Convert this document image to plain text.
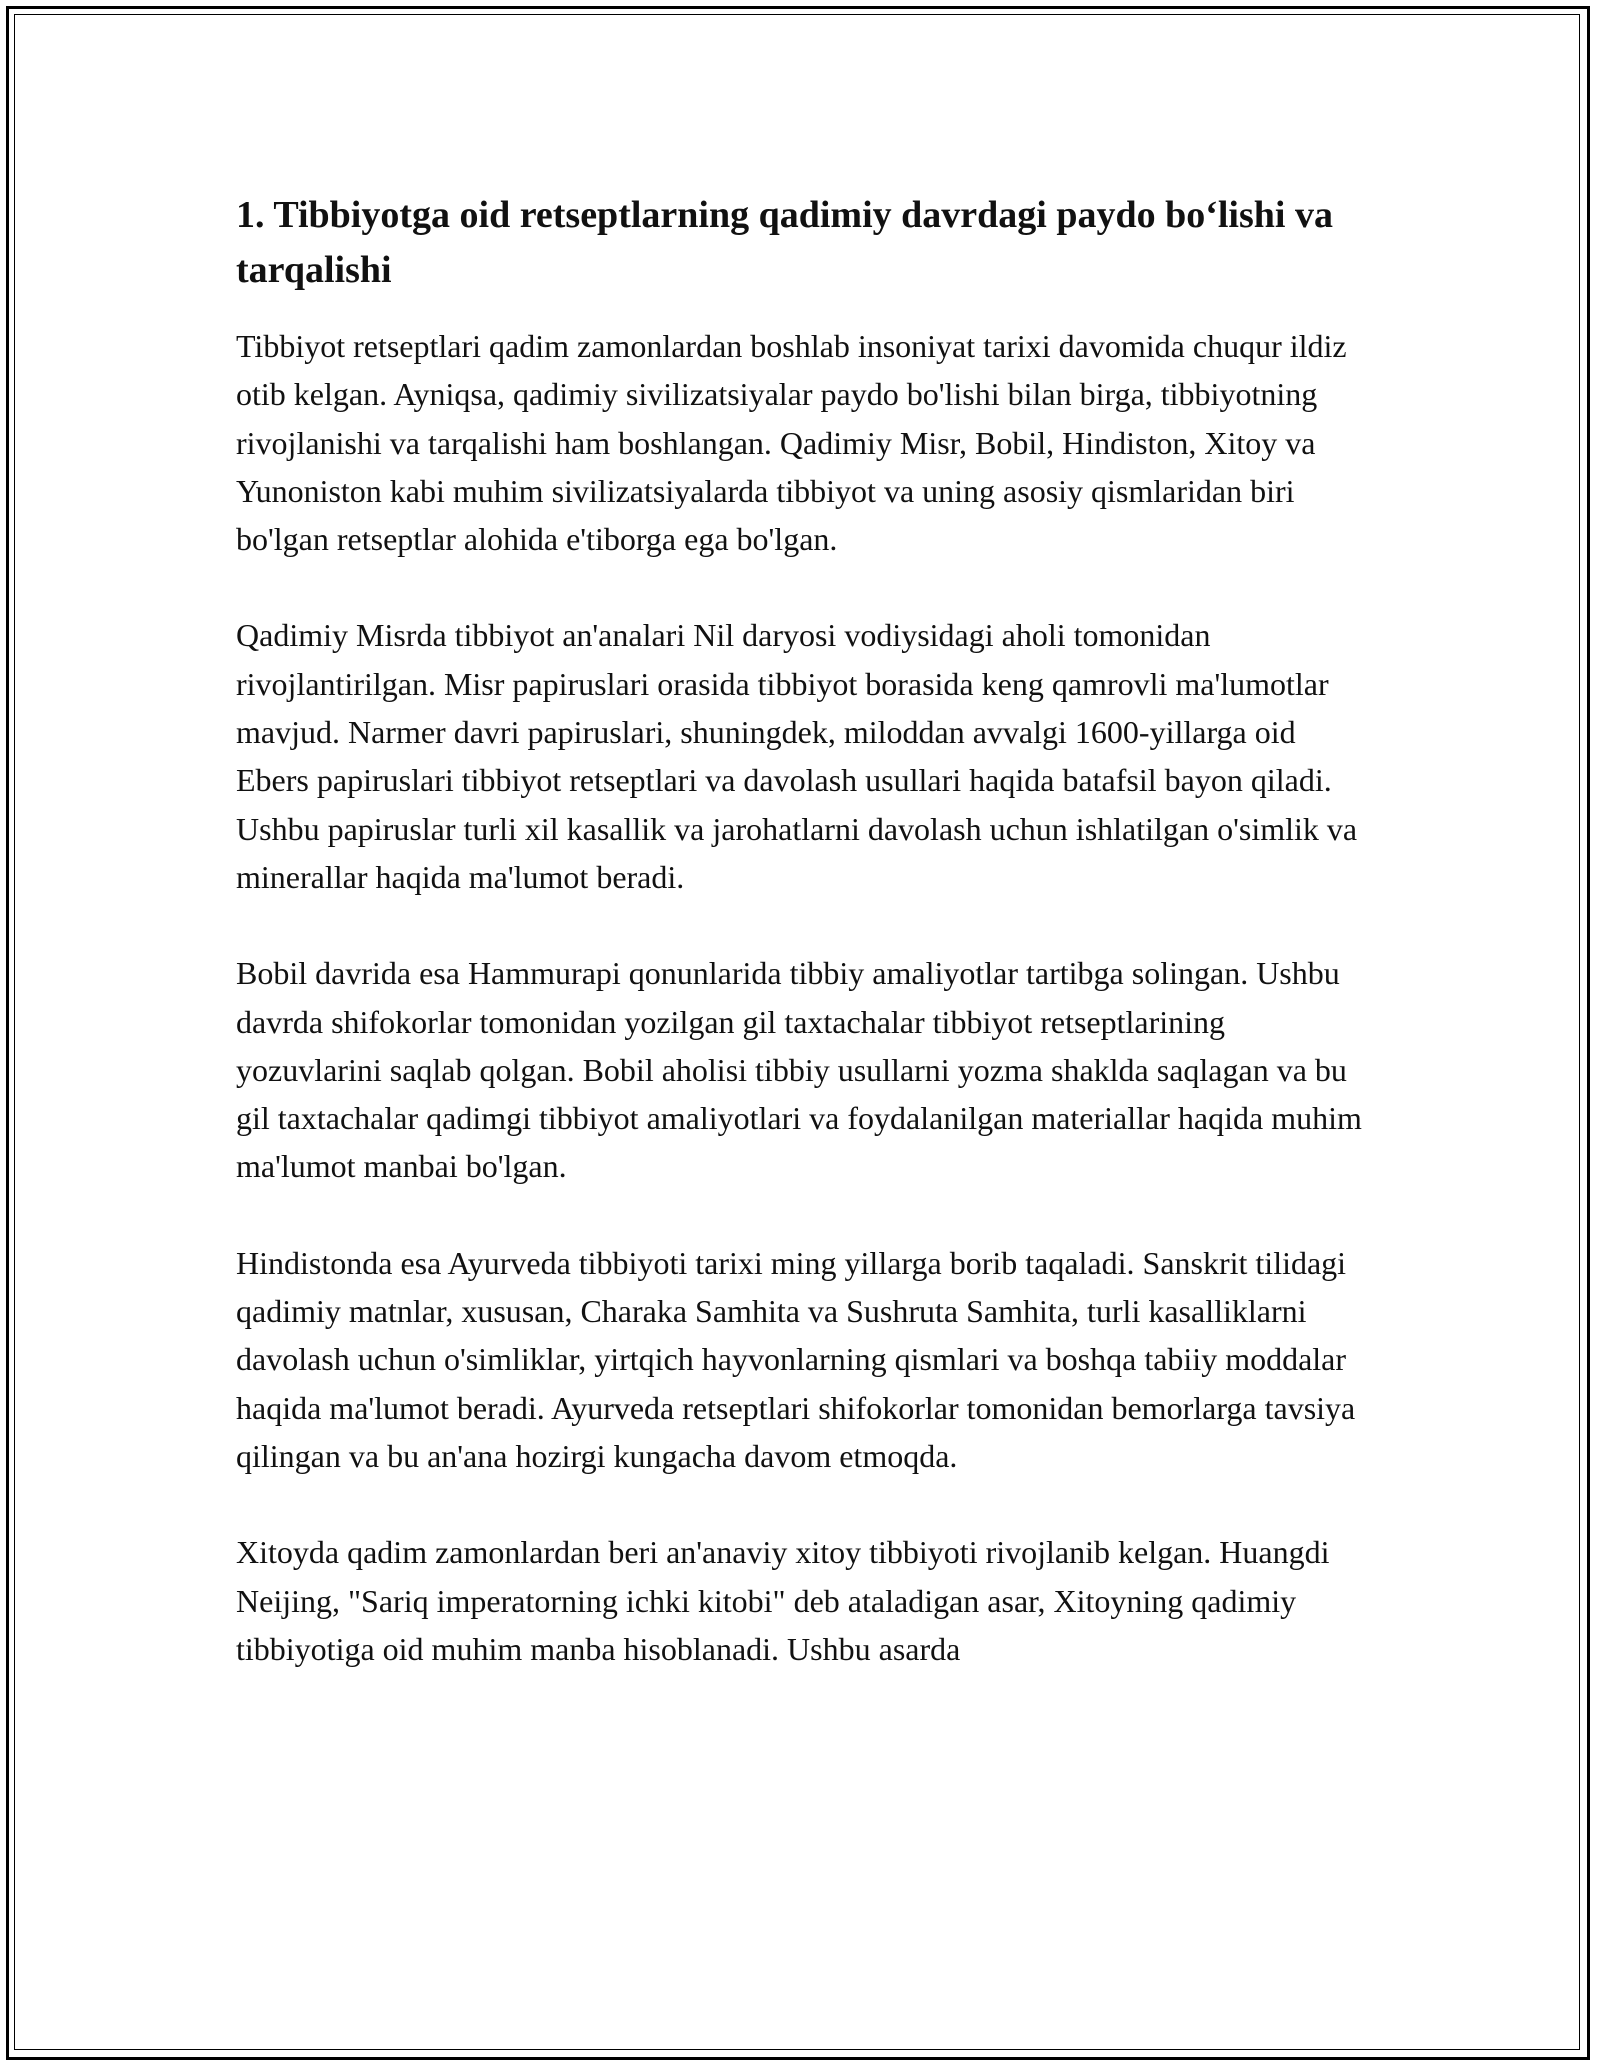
1. Tibbiyotga oid retseptlarning qadimiy davrdagi paydo bo‘lishi va tarqalishi

Tibbiyot retseptlari qadim zamonlardan boshlab insoniyat tarixi davomida chuqur ildiz otib kelgan. Ayniqsa, qadimiy sivilizatsiyalar paydo bo'lishi bilan birga, tibbiyotning rivojlanishi va tarqalishi ham boshlangan. Qadimiy Misr, Bobil, Hindiston, Xitoy va Yunoniston kabi muhim sivilizatsiyalarda tibbiyot va uning asosiy qismlaridan biri bo'lgan retseptlar alohida e'tiborga ega bo'lgan.

Qadimiy Misrda tibbiyot an'analari Nil daryosi vodiysidagi aholi tomonidan rivojlantirilgan. Misr papiruslari orasida tibbiyot borasida keng qamrovli ma'lumotlar mavjud. Narmer davri papiruslari, shuningdek, miloddan avvalgi 1600-yillarga oid Ebers papiruslari tibbiyot retseptlari va davolash usullari haqida batafsil bayon qiladi. Ushbu papiruslar turli xil kasallik va jarohatlarni davolash uchun ishlatilgan o'simlik va minerallar haqida ma'lumot beradi.

Bobil davrida esa Hammurapi qonunlarida tibbiy amaliyotlar tartibga solingan. Ushbu davrda shifokorlar tomonidan yozilgan gil taxtachalar tibbiyot retseptlarining yozuvlarini saqlab qolgan. Bobil aholisi tibbiy usullarni yozma shaklda saqlagan va bu gil taxtachalar qadimgi tibbiyot amaliyotlari va foydalanilgan materiallar haqida muhim ma'lumot manbai bo'lgan.

Hindistonda esa Ayurveda tibbiyoti tarixi ming yillarga borib taqaladi. Sanskrit tilidagi qadimiy matnlar, xususan, Charaka Samhita va Sushruta Samhita, turli kasalliklarni davolash uchun o'simliklar, yirtqich hayvonlarning qismlari va boshqa tabiiy moddalar haqida ma'lumot beradi. Ayurveda retseptlari shifokorlar tomonidan bemorlarga tavsiya qilingan va bu an'ana hozirgi kungacha davom etmoqda.

Xitoyda qadim zamonlardan beri an'anaviy xitoy tibbiyoti rivojlanib kelgan. Huangdi Neijing, "Sariq imperatorning ichki kitobi" deb ataladigan asar, Xitoyning qadimiy tibbiyotiga oid muhim manba hisoblanadi. Ushbu asarda
